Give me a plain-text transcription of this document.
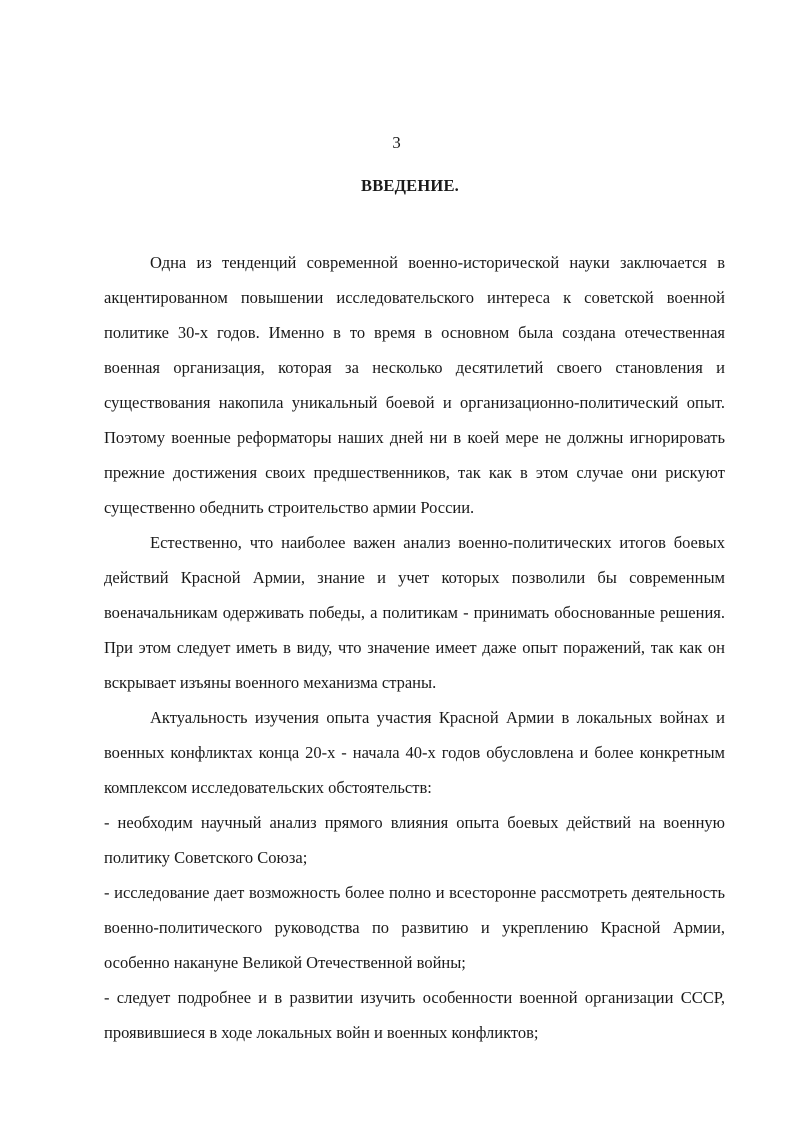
3
ВВЕДЕНИЕ.

Одна из тенденций современной военно-исторической науки заключается в акцентированном повышении исследовательского интереса к советской военной политике 30-х годов. Именно в то время в основном была создана отечественная военная организация, которая за несколько десятилетий своего становления и существования накопила уникальный боевой и организационно-политический опыт. Поэтому военные реформаторы наших дней ни в коей мере не должны игнорировать прежние достижения своих предшественников, так как в этом случае они рискуют существенно обеднить строительство армии России.

Естественно, что наиболее важен анализ военно-политических итогов боевых действий Красной Армии, знание и учет которых позволили бы современным военачальникам одерживать победы, а политикам - принимать обоснованные решения. При этом следует иметь в виду, что значение имеет даже опыт поражений, так как он вскрывает изъяны военного механизма страны.

Актуальность изучения опыта участия Красной Армии в локальных войнах и военных конфликтах конца 20-х - начала 40-х годов обусловлена и более конкретным комплексом исследовательских обстоятельств:

- необходим научный анализ прямого влияния опыта боевых действий на военную политику Советского Союза;

- исследование дает возможность более полно и всесторонне рассмотреть деятельность военно-политического руководства по развитию и укреплению Красной Армии, особенно накануне Великой Отечественной войны;

- следует подробнее и в развитии изучить особенности военной организации СССР, проявившиеся в ходе локальных войн и военных конфликтов;
